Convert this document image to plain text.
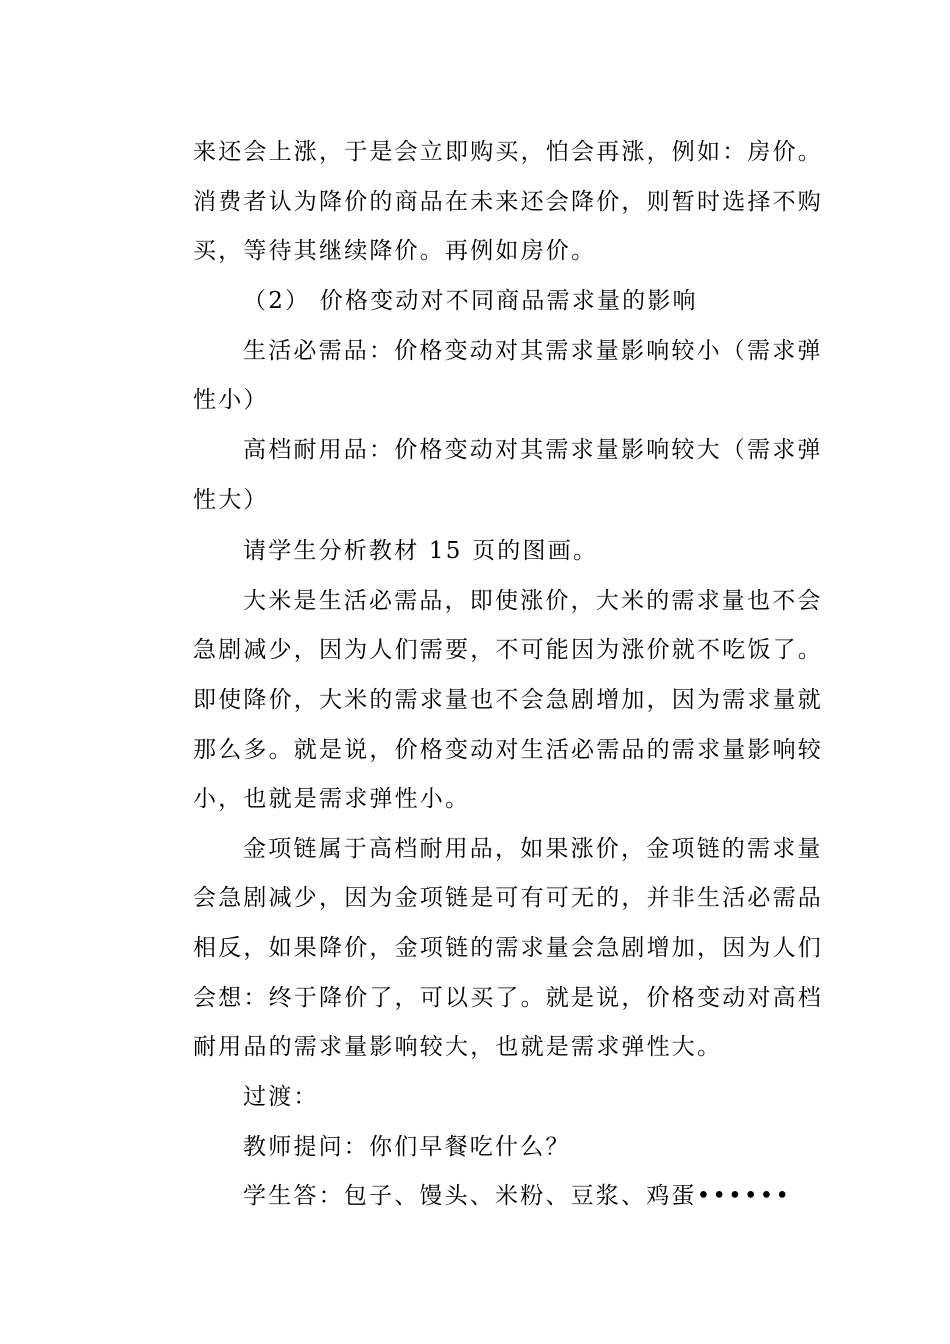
来还会上涨，于是会立即购买，怕会再涨，例如：房价。
消费者认为降价的商品在未来还会降价，则暂时选择不购
买，等待其继续降价。再例如房价。
（2） 价格变动对不同商品需求量的影响
生活必需品：价格变动对其需求量影响较小（需求弹
性小）
高档耐用品：价格变动对其需求量影响较大（需求弹
性大）
请学生分析教材 15 页的图画。
大米是生活必需品，即使涨价，大米的需求量也不会
急剧减少，因为人们需要，不可能因为涨价就不吃饭了。
即使降价，大米的需求量也不会急剧增加，因为需求量就
那么多。就是说，价格变动对生活必需品的需求量影响较
小，也就是需求弹性小。
金项链属于高档耐用品，如果涨价，金项链的需求量
会急剧减少，因为金项链是可有可无的，并非生活必需品
相反，如果降价，金项链的需求量会急剧增加，因为人们
会想：终于降价了，可以买了。就是说，价格变动对高档
耐用品的需求量影响较大，也就是需求弹性大。
过渡：
教师提问：你们早餐吃什么？
学生答：包子、馒头、米粉、豆浆、鸡蛋••••••
